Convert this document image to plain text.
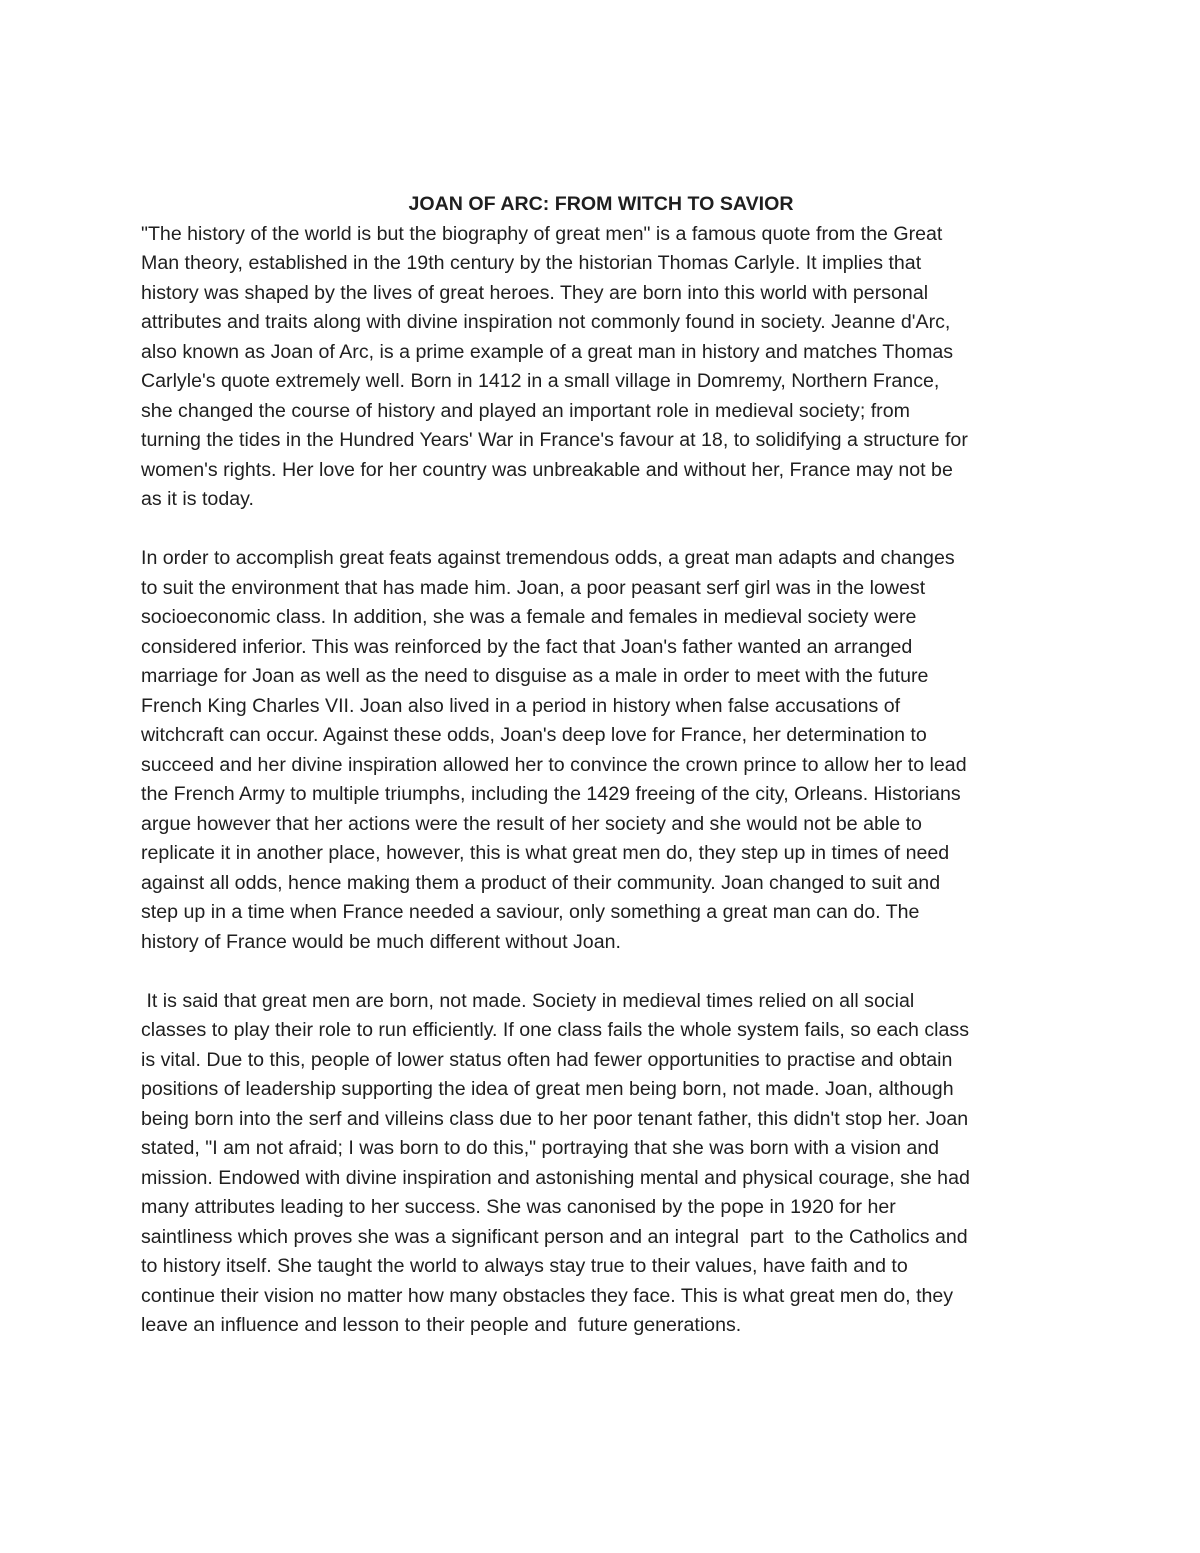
JOAN OF ARC: FROM WITCH TO SAVIOR

"The history of the world is but the biography of great men" is a famous quote from the Great
Man theory, established in the 19th century by the historian Thomas Carlyle. It implies that
history was shaped by the lives of great heroes. They are born into this world with personal
attributes and traits along with divine inspiration not commonly found in society. Jeanne d'Arc,
also known as Joan of Arc, is a prime example of a great man in history and matches Thomas
Carlyle's quote extremely well. Born in 1412 in a small village in Domremy, Northern France,
she changed the course of history and played an important role in medieval society; from
turning the tides in the Hundred Years' War in France's favour at 18, to solidifying a structure for
women's rights. Her love for her country was unbreakable and without her, France may not be
as it is today.

In order to accomplish great feats against tremendous odds, a great man adapts and changes
to suit the environment that has made him. Joan, a poor peasant serf girl was in the lowest
socioeconomic class. In addition, she was a female and females in medieval society were
considered inferior. This was reinforced by the fact that Joan's father wanted an arranged
marriage for Joan as well as the need to disguise as a male in order to meet with the future
French King Charles VII. Joan also lived in a period in history when false accusations of
witchcraft can occur. Against these odds, Joan's deep love for France, her determination to
succeed and her divine inspiration allowed her to convince the crown prince to allow her to lead
the French Army to multiple triumphs, including the 1429 freeing of the city, Orleans. Historians
argue however that her actions were the result of her society and she would not be able to
replicate it in another place, however, this is what great men do, they step up in times of need
against all odds, hence making them a product of their community. Joan changed to suit and
step up in a time when France needed a saviour, only something a great man can do. The
history of France would be much different without Joan.

It is said that great men are born, not made. Society in medieval times relied on all social
classes to play their role to run efficiently. If one class fails the whole system fails, so each class
is vital. Due to this, people of lower status often had fewer opportunities to practise and obtain
positions of leadership supporting the idea of great men being born, not made. Joan, although
being born into the serf and villeins class due to her poor tenant father, this didn't stop her. Joan
stated, "I am not afraid; I was born to do this," portraying that she was born with a vision and
mission. Endowed with divine inspiration and astonishing mental and physical courage, she had
many attributes leading to her success. She was canonised by the pope in 1920 for her
saintliness which proves she was a significant person and an integral  part  to the Catholics and
to history itself. She taught the world to always stay true to their values, have faith and to
continue their vision no matter how many obstacles they face. This is what great men do, they
leave an influence and lesson to their people and  future generations.
